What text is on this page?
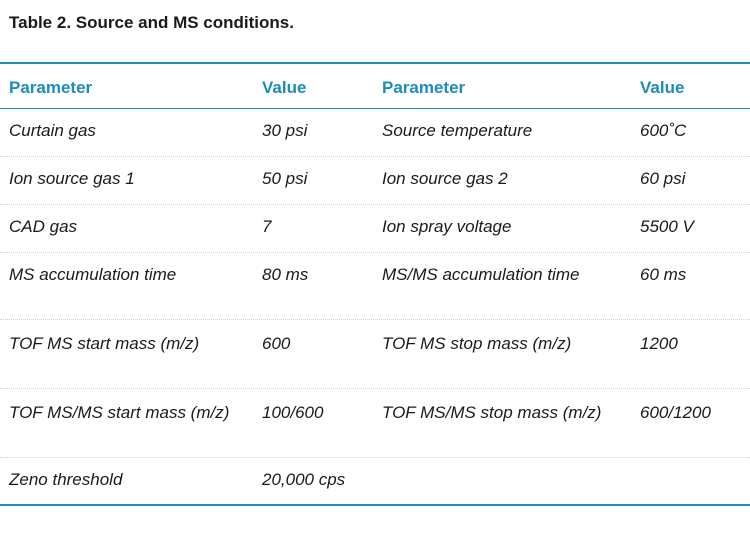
Table 2. Source and MS conditions.
Parameter	Value	Parameter	Value
Curtain gas	30 psi	Source temperature	600˚C
Ion source gas 1	50 psi	Ion source gas 2	60 psi
CAD gas	7	Ion spray voltage	5500 V
MS accumulation time	80 ms	MS/MS accumulation time	60 ms
TOF MS start mass (m/z)	600	TOF MS stop mass (m/z)	1200
TOF MS/MS start mass (m/z)	100/600	TOF MS/MS stop mass (m/z)	600/1200
Zeno threshold	20,000 cps
